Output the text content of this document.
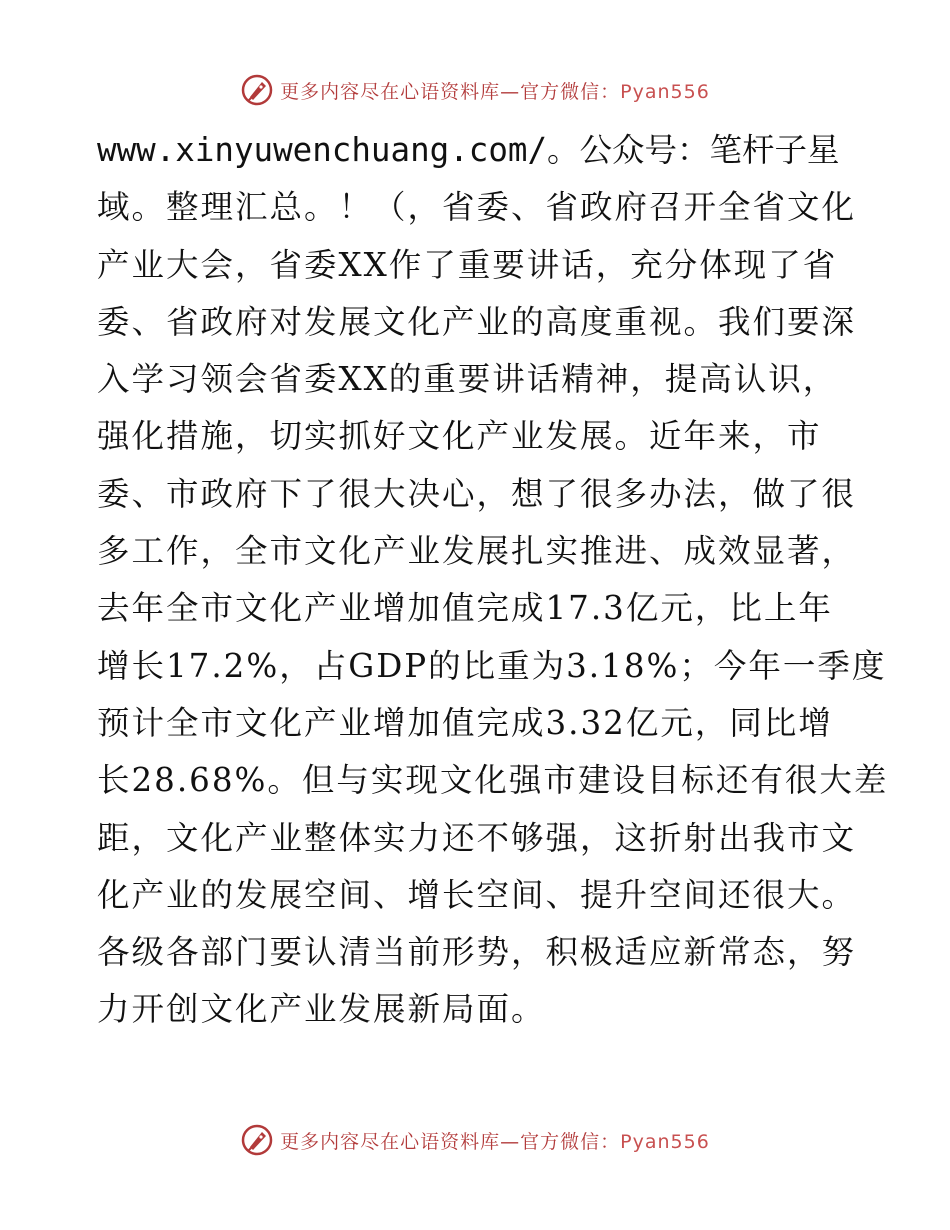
更多内容尽在心语资料库—官方微信：Pyan556
www.xinyuwenchuang.com/。公众号：笔杆子星
域。整理汇总。！（，省委、省政府召开全省文化
产业大会，省委XX作了重要讲话，充分体现了省
委、省政府对发展文化产业的高度重视。我们要深
入学习领会省委XX的重要讲话精神，提高认识，
强化措施，切实抓好文化产业发展。近年来，市
委、市政府下了很大决心，想了很多办法，做了很
多工作，全市文化产业发展扎实推进、成效显著，
去年全市文化产业增加值完成17.3亿元，比上年
增长17.2%，占GDP的比重为3.18%；今年一季度
预计全市文化产业增加值完成3.32亿元，同比增
长28.68%。但与实现文化强市建设目标还有很大差
距，文化产业整体实力还不够强，这折射出我市文
化产业的发展空间、增长空间、提升空间还很大。
各级各部门要认清当前形势，积极适应新常态，努
力开创文化产业发展新局面。
更多内容尽在心语资料库—官方微信：Pyan556
